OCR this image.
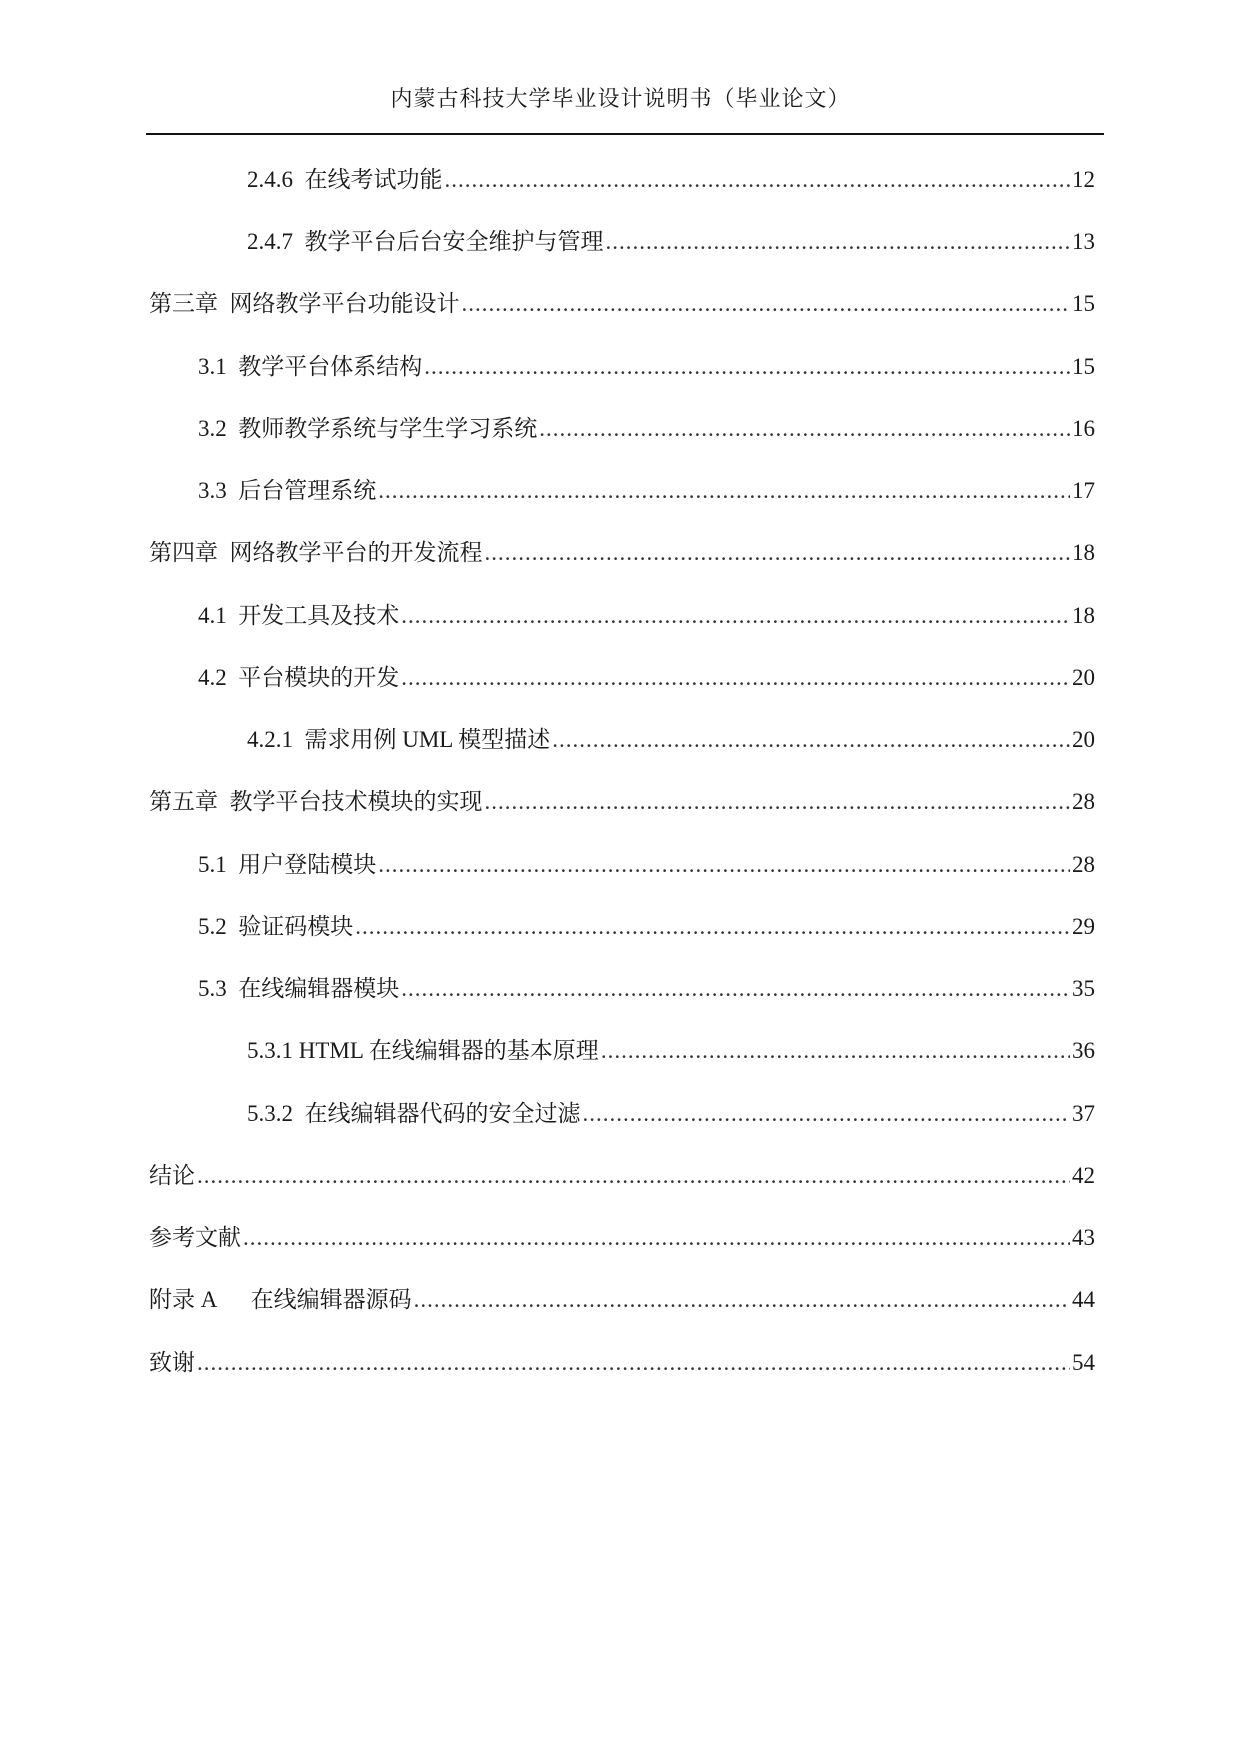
内蒙古科技大学毕业设计说明书（毕业论文）
2.4.6  在线考试功能 .....	12
2.4.7  教学平台后台安全维护与管理 .....	13
第三章  网络教学平台功能设计 .....	15
3.1  教学平台体系结构 .....	15
3.2  教师教学系统与学生学习系统 .....	16
3.3  后台管理系统 .....	17
第四章  网络教学平台的开发流程 .....	18
4.1  开发工具及技术 .....	18
4.2  平台模块的开发 .....	20
4.2.1  需求用例 UML 模型描述 .....	20
第五章  教学平台技术模块的实现 .....	28
5.1  用户登陆模块 .....	28
5.2  验证码模块 .....	29
5.3  在线编辑器模块 .....	35
5.3.1 HTML 在线编辑器的基本原理 .....	36
5.3.2  在线编辑器代码的安全过滤 .....	37
结论 .....	42
参考文献 .....	43
附录 A      在线编辑器源码 .....	44
致谢 .....	54
